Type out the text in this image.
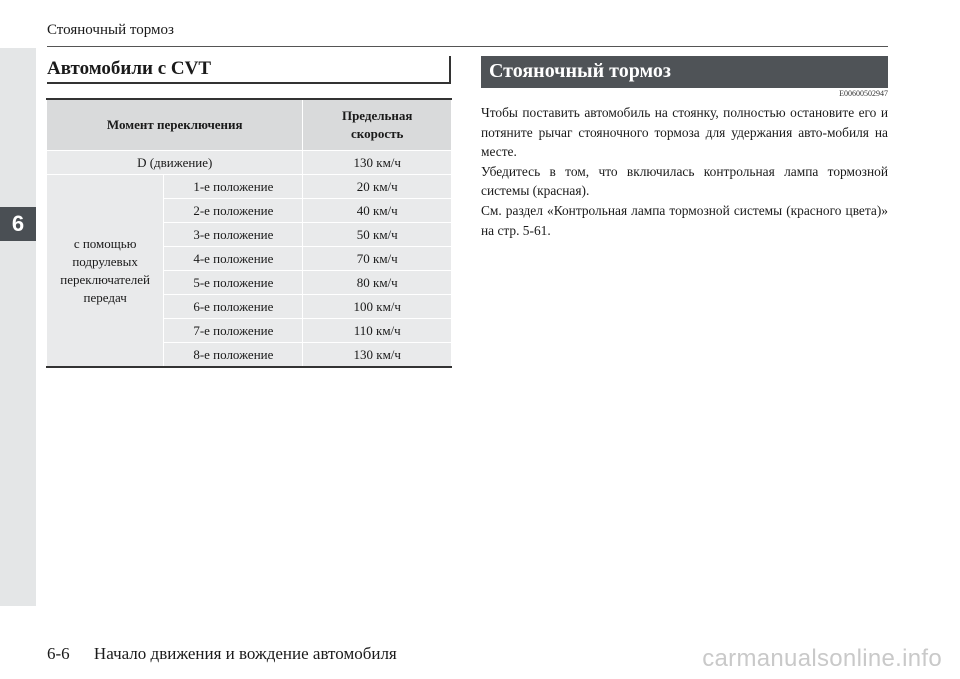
6
Стояночный тормоз
Автомобили с CVT
Момент переключения		Предельная скорость

D (движение)		130 км/ч

с помощью подрулевых переключателей передач	1-е положение	20 км/ч
	2-е положение	40 км/ч
	3-е положение	50 км/ч
	4-е положение	70 км/ч
	5-е положение	80 км/ч
	6-е положение	100 км/ч
	7-е положение	110 км/ч
	8-е положение	130 км/ч
Стояночный тормоз
E00600502947

Чтобы поставить автомобиль на стоянку, полностью остановите его и потяните рычаг стояночного тормоза для удержания авто-мобиля на месте.

Убедитесь в том, что включилась контрольная лампа тормозной системы (красная).

См. раздел «Контрольная лампа тормозной системы (красного цвета)» на стр. 5-61.

6-6 Начало движения и вождение автомобиля	carmanualsonline.info
